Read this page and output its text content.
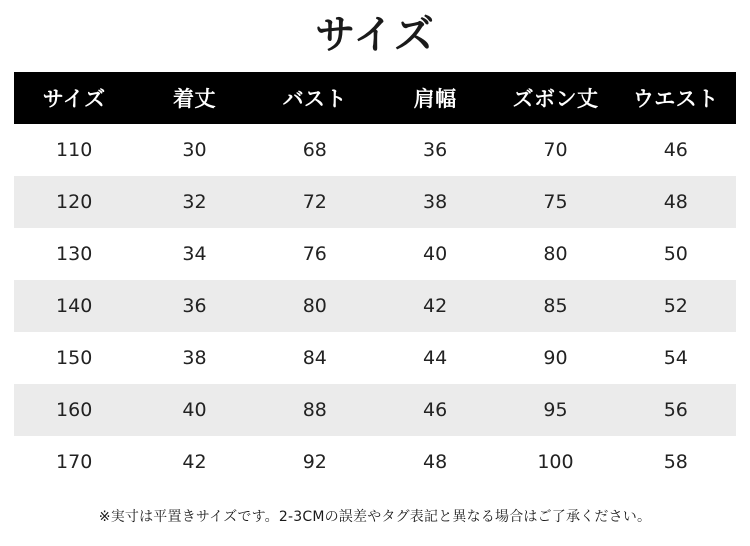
サイズ
サイズ	着丈	バスト	肩幅	ズボン丈	ウエスト
110	30	68	36	70	46
120	32	72	38	75	48
130	34	76	40	80	50
140	36	80	42	85	52
150	38	84	44	90	54
160	40	88	46	95	56
170	42	92	48	100	58
※実寸は平置きサイズです。2-3CMの誤差やタグ表記と異なる場合はご了承ください。
